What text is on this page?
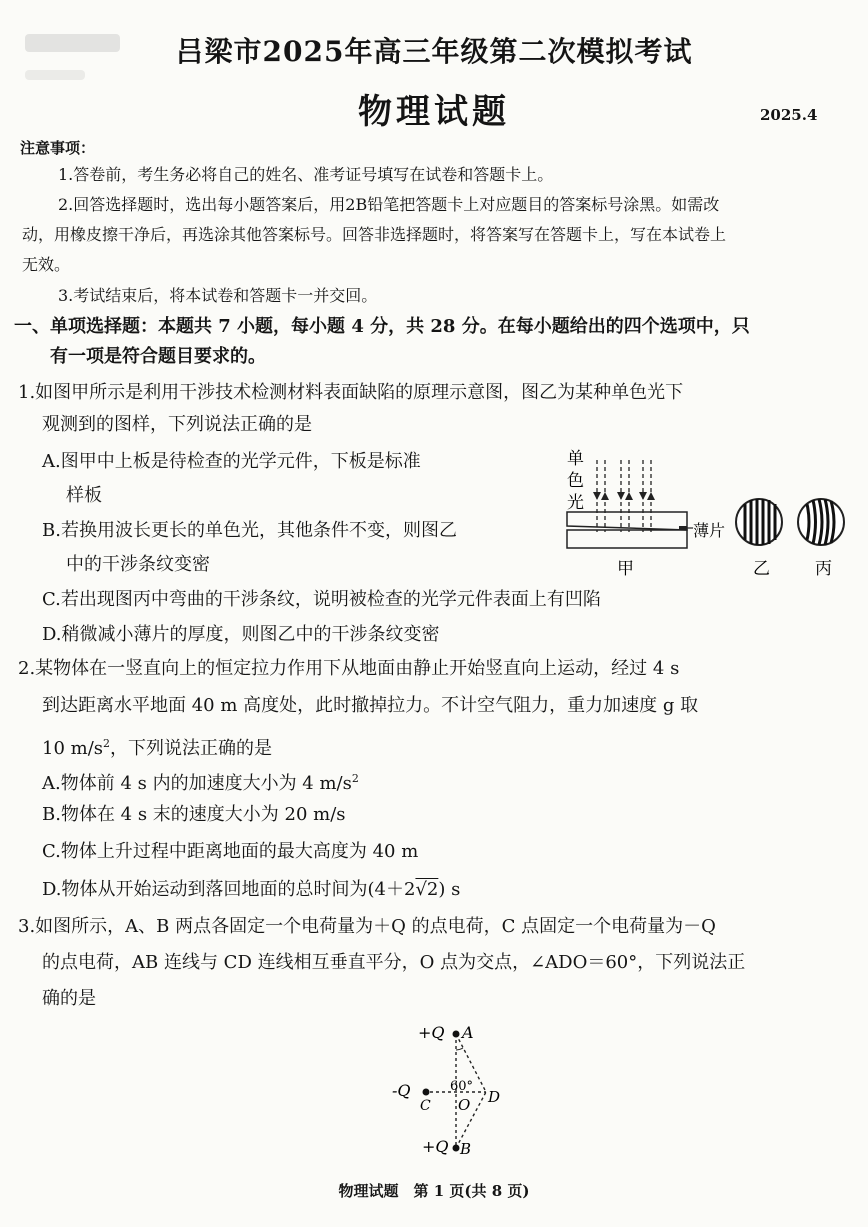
吕梁市2025年高三年级第二次模拟考试
物理试题	2025.4
注意事项：
1.答卷前，考生务必将自己的姓名、准考证号填写在试卷和答题卡上。
2.回答选择题时，选出每小题答案后，用2B铅笔把答题卡上对应题目的答案标号涂黑。如需改
动，用橡皮擦干净后，再选涂其他答案标号。回答非选择题时，将答案写在答题卡上，写在本试卷上
无效。
3.考试结束后，将本试卷和答题卡一并交回。
一、单项选择题：本题共 7 小题，每小题 4 分，共 28 分。在每小题给出的四个选项中，只
有一项是符合题目要求的。
1.如图甲所示是利用干涉技术检测材料表面缺陷的原理示意图，图乙为某种单色光下
观测到的图样，下列说法正确的是
A.图甲中上板是待检查的光学元件，下板是标准
样板
B.若换用波长更长的单色光，其他条件不变，则图乙
中的干涉条纹变密
C.若出现图丙中弯曲的干涉条纹，说明被检查的光学元件表面上有凹陷
D.稍微减小薄片的厚度，则图乙中的干涉条纹变密
单
色
光
薄片
甲	乙	丙
2.某物体在一竖直向上的恒定拉力作用下从地面由静止开始竖直向上运动，经过 4 s
到达距离水平地面 40 m 高度处，此时撤掉拉力。不计空气阻力，重力加速度 g 取
10 $m/s^2$，下列说法正确的是
A.物体前 4 s 内的加速度大小为 4 $m/s^2$
B.物体在 4 s 末的速度大小为 20 m/s
C.物体上升过程中距离地面的最大高度为 40 m
D.物体从开始运动到落回地面的总时间为(4＋2√2) s
3.如图所示，A、B 两点各固定一个电荷量为＋Q 的点电荷，C 点固定一个电荷量为－Q
的点电荷，AB 连线与 CD 连线相互垂直平分，O 点为交点，∠ADO＝60°，下列说法正
确的是
+Q A
-Q
C O D
60°
+Q B
物理试题　第 1 页(共 8 页)
